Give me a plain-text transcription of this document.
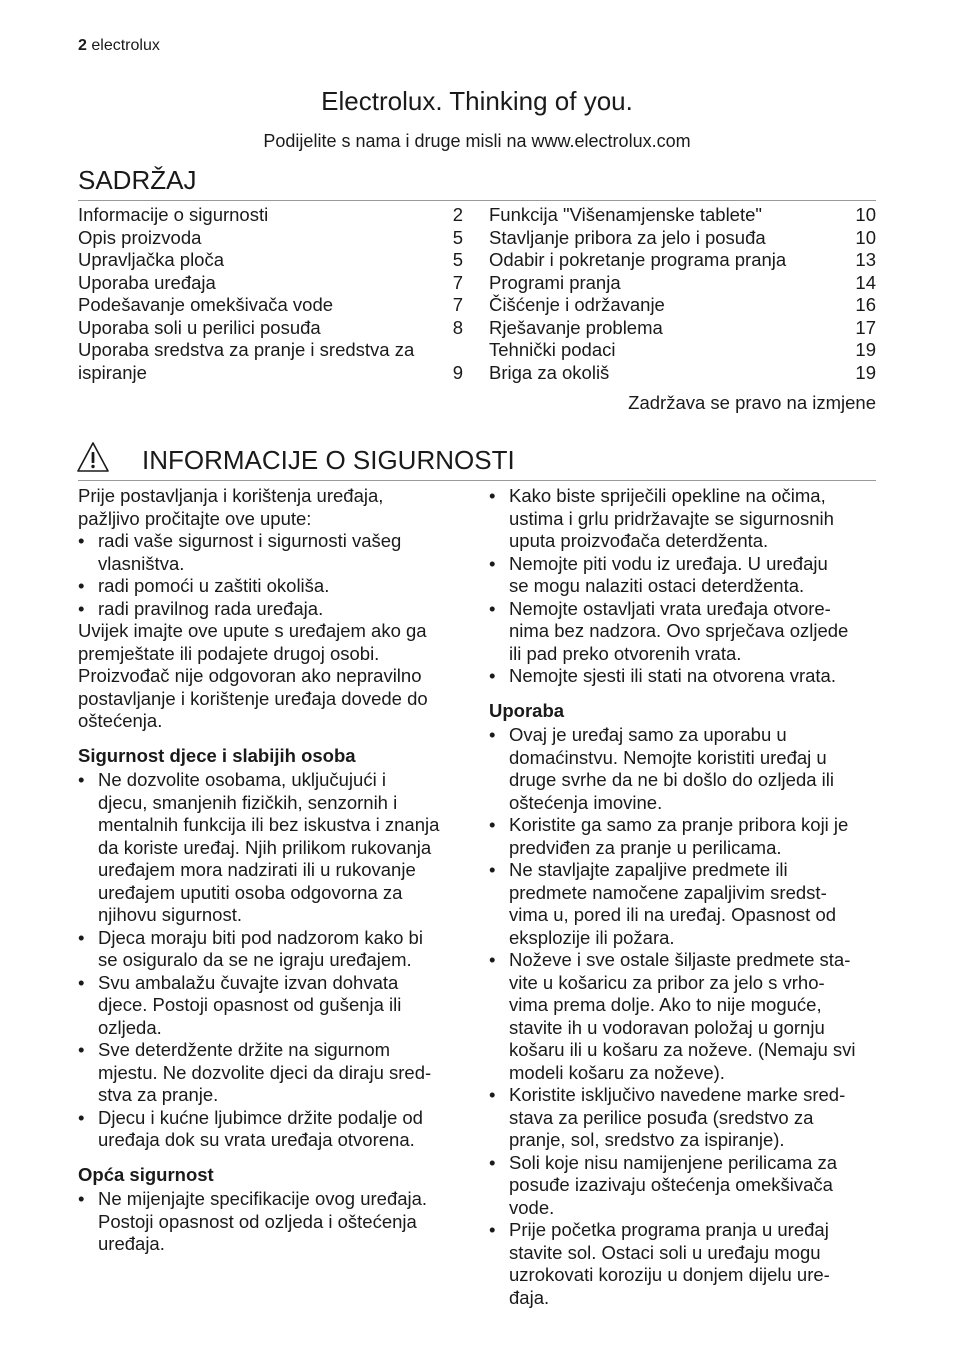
2 electrolux
Electrolux. Thinking of you.
Podijelite s nama i druge misli na www.electrolux.com
SADRŽAJ
Informacije o sigurnosti	2
Opis proizvoda	5
Upravljačka ploča	5
Uporaba uređaja	7
Podešavanje omekšivača vode	7
Uporaba soli u perilici posuđa	8
Uporaba sredstva za pranje i sredstva za
ispiranje	9
Funkcija "Višenamjenske tablete"	10
Stavljanje pribora za jelo i posuđa	10
Odabir i pokretanje programa pranja	13
Programi pranja	14
Čišćenje i održavanje	16
Rješavanje problema	17
Tehnički podaci	19
Briga za okoliš	19
Zadržava se pravo na izmjene
INFORMACIJE O SIGURNOSTI

Prije postavljanja i korištenja uređaja,
pažljivo pročitajte ove upute:

• radi vaše sigurnost i sigurnosti vašeg
vlasništva.
• radi pomoći u zaštiti okoliša.
• radi pravilnog rada uređaja.

Uvijek imajte ove upute s uređajem ako ga
premještate ili podajete drugoj osobi.

Proizvođač nije odgovoran ako nepravilno
postavljanje i korištenje uređaja dovede do
oštećenja.

Sigurnost djece i slabijih osoba
• Ne dozvolite osobama, uključujući i
djecu, smanjenih fizičkih, senzornih i
mentalnih funkcija ili bez iskustva i znanja
da koriste uređaj. Njih prilikom rukovanja
uređajem mora nadzirati ili u rukovanje
uređajem uputiti osoba odgovorna za
njihovu sigurnost.
• Djeca moraju biti pod nadzorom kako bi
se osiguralo da se ne igraju uređajem.
• Svu ambalažu čuvajte izvan dohvata
djece. Postoji opasnost od gušenja ili
ozljeda.
• Sve deterdžente držite na sigurnom
mjestu. Ne dozvolite djeci da diraju sred-
stva za pranje.
• Djecu i kućne ljubimce držite podalje od
uređaja dok su vrata uređaja otvorena.
Opća sigurnost
• Ne mijenjajte specifikacije ovog uređaja.
Postoji opasnost od ozljeda i oštećenja
uređaja.
• Kako biste spriječili opekline na očima,
ustima i grlu pridržavajte se sigurnosnih
uputa proizvođača deterdženta.
• Nemojte piti vodu iz uređaja. U uređaju
se mogu nalaziti ostaci deterdženta.
• Nemojte ostavljati vrata uređaja otvore-
nima bez nadzora. Ovo sprječava ozljede
ili pad preko otvorenih vrata.
• Nemojte sjesti ili stati na otvorena vrata.
Uporaba
• Ovaj je uređaj samo za uporabu u
domaćinstvu. Nemojte koristiti uređaj u
druge svrhe da ne bi došlo do ozljeda ili
oštećenja imovine.
• Koristite ga samo za pranje pribora koji je
predviđen za pranje u perilicama.
• Ne stavljajte zapaljive predmete ili
predmete namočene zapaljivim sredst-
vima u, pored ili na uređaj. Opasnost od
eksplozije ili požara.
• Noževe i sve ostale šiljaste predmete sta-
vite u košaricu za pribor za jelo s vrho-
vima prema dolje. Ako to nije moguće,
stavite ih u vodoravan položaj u gornju
košaru ili u košaru za noževe. (Nemaju svi
modeli košaru za noževe).
• Koristite isključivo navedene marke sred-
stava za perilice posuđa (sredstvo za
pranje, sol, sredstvo za ispiranje).
• Soli koje nisu namijenjene perilicama za
posuđe izazivaju oštećenja omekšivača
vode.
• Prije početka programa pranja u uređaj
stavite sol. Ostaci soli u uređaju mogu
uzrokovati koroziju u donjem dijelu ure-
đaja.
